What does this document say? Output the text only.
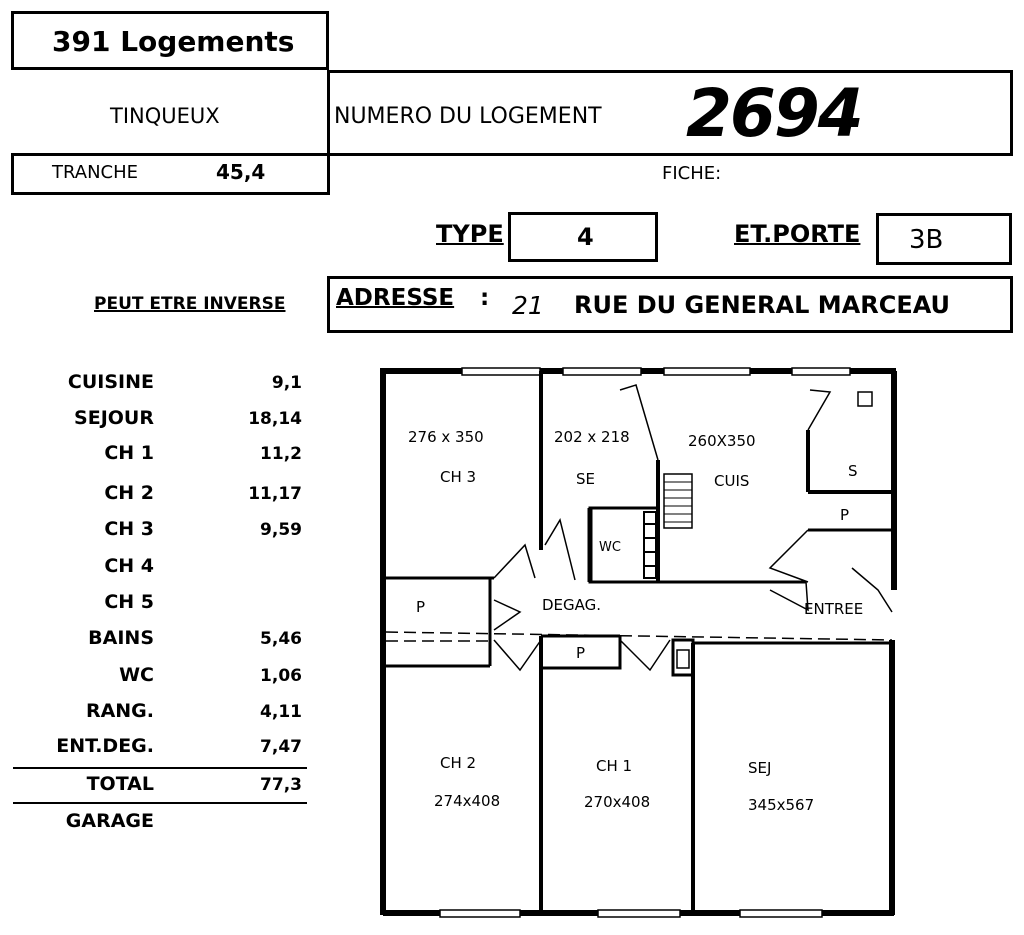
391 Logements
TINQUEUX	NUMERO DU LOGEMENT 2694
TRANCHE	45,4	FICHE:
TYPE	4	ET.PORTE 3B
PEUT ETRE INVERSE ADRESSE : 21 RUE DU GENERAL MARCEAU
CUISINE	9,1
SEJOUR	18,14
CH 1	11,2
CH 2	11,17
CH 3	9,59
CH 4
CH 5
BAINS	5,46
WC	1,06
RANG.	4,11
ENT.DEG.	7,47
TOTAL	77,3
GARAGE
276 x 350
CH 3
202 x 218
SE
260X350
CUIS
S
P
WC
P	DEGAG.	ENTREE
P
CH 2
274x408
CH 1
270x408
SEJ
345x567
